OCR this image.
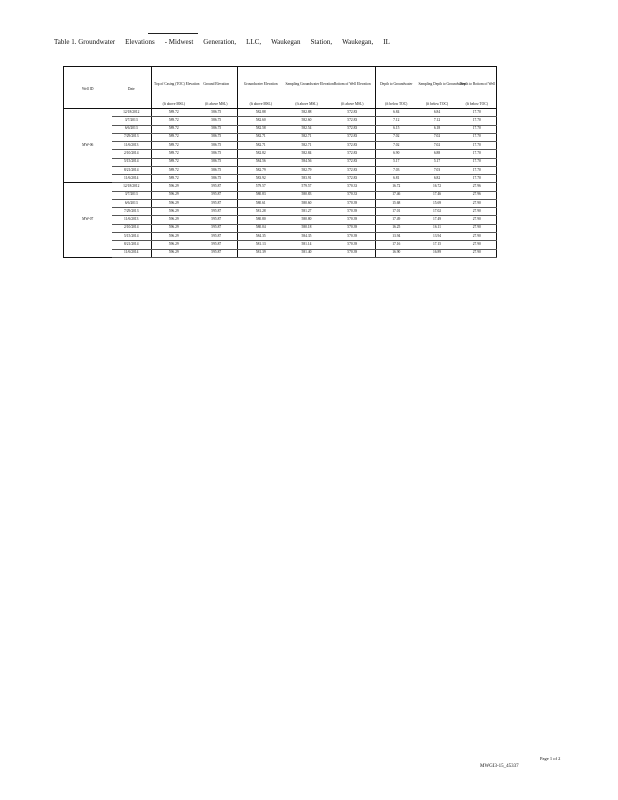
Table 1. Groundwater Elevations - Midwest Generation, LLC, Waukegan Station, Waukegan, IL
Well ID	Date	Top of Casing (TOC) Elevation	Ground Elevation	Groundwater Elevation	Sampling Groundwater Elevation	Bottom of Well Elevation	Depth to Groundwater	Sampling Depth to Groundwater	Depth to Bottom of Well
		(ft above MSL)	(ft above MSL)	(ft above MSL)	(ft above MSL)	(ft above MSL)	(ft below TOC)	(ft below TOC)	(ft below TOC)
MW-06	12/18/2012	589.72	586.75	582.88	582.88	572.83	6.84	6.84	17.70
	3/7/2013	589.72	586.75	582.60	582.60	572.83	7.12	7.12	17.70
	6/6/2013	589.72	586.75	582.58	582.54	572.83	6.15	6.18	17.70
	7/29/2013	589.72	586.75	582.71	582.71	572.83	7.02	7.02	17.70
	11/6/2013	589.72	586.75	582.71	582.71	572.83	7.02	7.02	17.70
	2/10/2014	589.72	586.75	582.82	582.84	572.83	6.90	6.88	17.70
	5/15/2014	589.72	586.75	584.56	584.56	572.83	5.17	5.17	17.70
	8/21/2014	589.72	586.75	582.79	582.79	572.83	7.03	7.03	17.70
	11/6/2014	589.72	586.75	583.92	583.91	572.83	6.81	6.82	17.70
MW-07	12/18/2012	596.29	595.87	579.57	579.57	570.33	16.72	16.72	27.96
	3/7/2013	596.29	595.87	580.83	580.83	570.33	17.46	17.46	27.96
	6/6/2013	596.29	595.87	580.61	580.60	570.39	15.68	15.69	27.90
	7/29/2013	596.29	595.87	581.28	581.27	570.39	17.01	17.02	27.90
	11/6/2013	596.29	595.87	580.80	580.80	570.39	17.49	17.49	27.90
	2/10/2014	596.29	595.87	580.04	580.18	570.39	16.25	16.11	27.90
	5/15/2014	596.29	595.87	584.35	584.35	570.39	13.94	13.94	27.90
	8/21/2014	596.29	595.87	581.13	581.14	570.39	17.16	17.15	27.90
	11/6/2014	596.29	595.87	581.39	581.40	570.39	16.90	16.89	27.90
Page 1 of 2
MWGI3-15_45337
